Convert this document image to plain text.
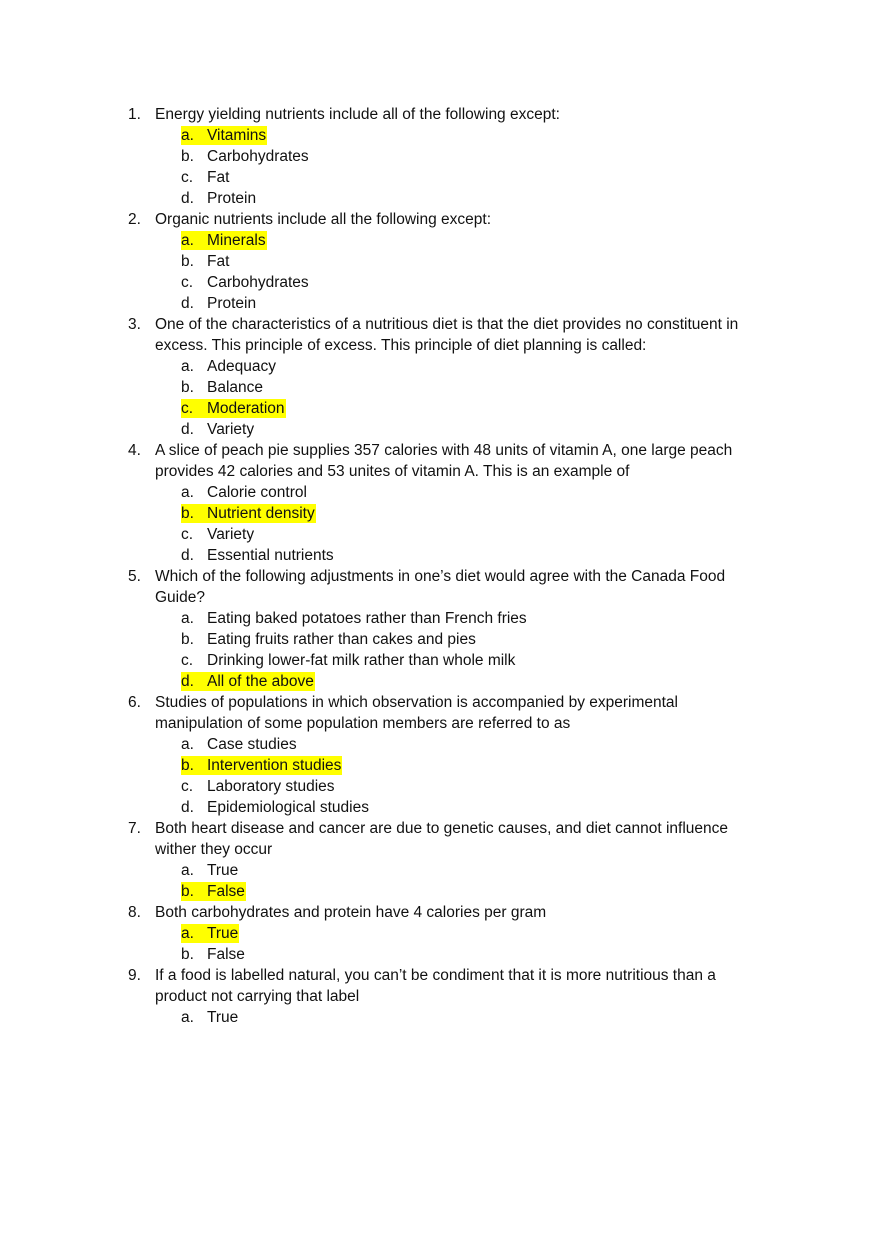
1. Energy yielding nutrients include all of the following except:
a. Vitamins
b. Carbohydrates
c. Fat
d. Protein
2. Organic nutrients include all the following except:
a. Minerals
b. Fat
c. Carbohydrates
d. Protein
3. One of the characteristics of a nutritious diet is that the diet provides no constituent in
excess. This principle of excess. This principle of diet planning is called:
a. Adequacy
b. Balance
c. Moderation
d. Variety
4. A slice of peach pie supplies 357 calories with 48 units of vitamin A, one large peach
provides 42 calories and 53 unites of vitamin A. This is an example of
a. Calorie control
b. Nutrient density
c. Variety
d. Essential nutrients
5. Which of the following adjustments in one’s diet would agree with the Canada Food
Guide?
a. Eating baked potatoes rather than French fries
b. Eating fruits rather than cakes and pies
c. Drinking lower-fat milk rather than whole milk
d. All of the above
6. Studies of populations in which observation is accompanied by experimental
manipulation of some population members are referred to as
a. Case studies
b. Intervention studies
c. Laboratory studies
d. Epidemiological studies
7. Both heart disease and cancer are due to genetic causes, and diet cannot influence
wither they occur
a. True
b. False
8. Both carbohydrates and protein have 4 calories per gram
a. True
b. False
9. If a food is labelled natural, you can’t be condiment that it is more nutritious than a
product not carrying that label
a. True
